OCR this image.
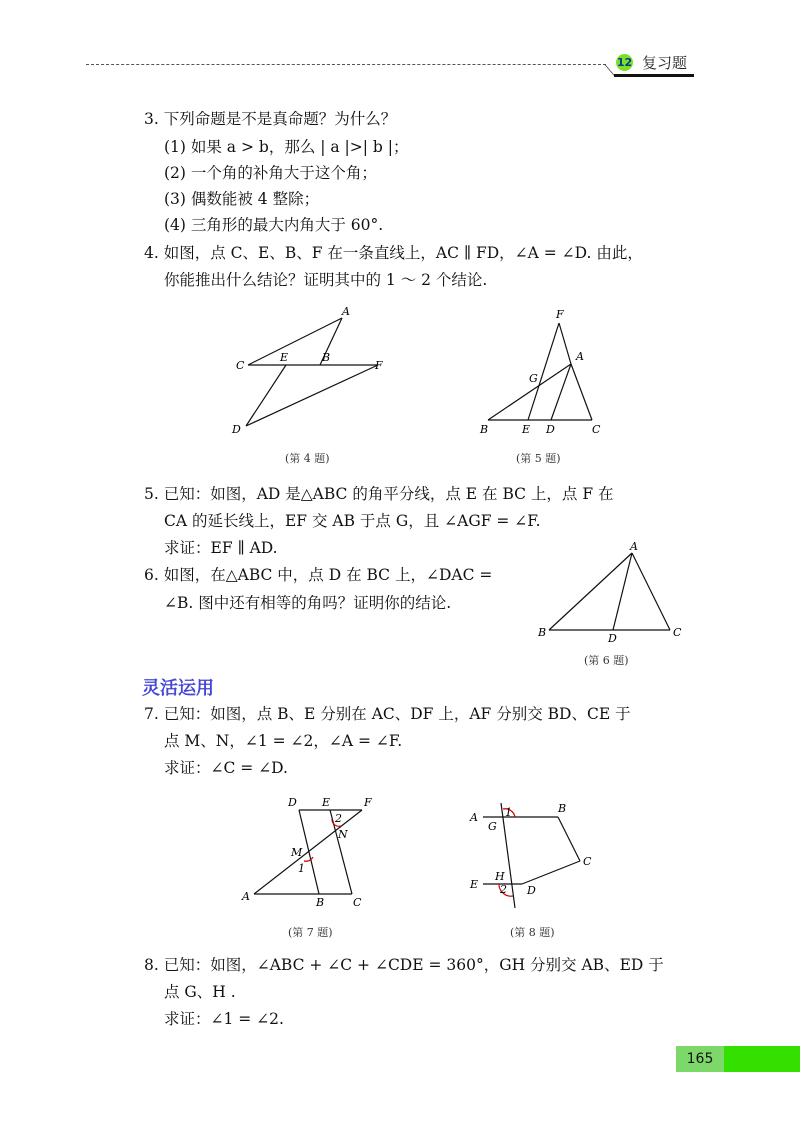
12 复习题
3. 下列命题是不是真命题？为什么？
(1) 如果 a > b，那么 | a |>| b |；
(2) 一个角的补角大于这个角；
(3) 偶数能被 4 整除；
(4) 三角形的最大内角大于 60°.
4. 如图，点 C、E、B、F 在一条直线上，AC ∥ FD，∠A = ∠D. 由此，
你能推出什么结论？证明其中的 1 ～ 2 个结论.
A
B
C
D
E
F
(第 4 题)
F
A
G
B	E D	C
(第 5 题)
5. 已知：如图，AD 是△ABC 的角平分线，点 E 在 BC 上，点 F 在
CA 的延长线上，EF 交 AB 于点 G，且 ∠AGF = ∠F.
求证：EF ∥ AD.
6. 如图，在△ABC 中，点 D 在 BC 上，∠DAC =
∠B. 图中还有相等的角吗？证明你的结论.
A
B	D	C
(第 6 题)
灵活运用
7. 已知：如图，点 B、E 分别在 AC、DF 上，AF 分别交 BD、CE 于
点 M、N，∠1 = ∠2，∠A = ∠F.
求证：∠C = ∠D.
D E	F
2
N
M
1
A	B	C
(第 7 题)
A
G
1	B
C
H
E 2 D
(第 8 题)
8. 已知：如图，∠ABC + ∠C + ∠CDE = 360°，GH 分别交 AB、ED 于
点 G、H .
求证：∠1 = ∠2.
165
